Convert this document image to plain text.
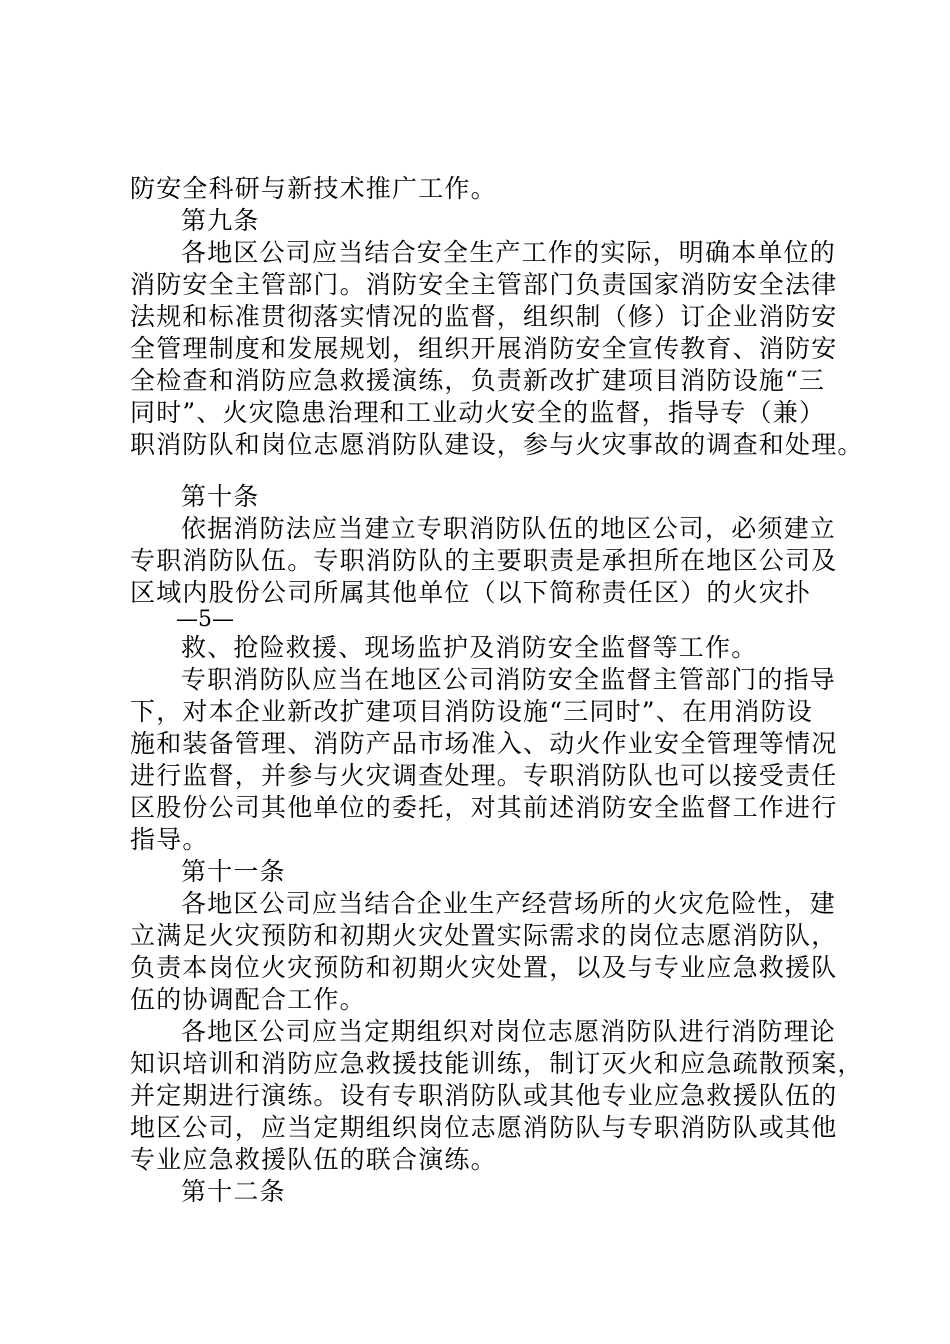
防安全科研与新技术推广工作。
第九条
各地区公司应当结合安全生产工作的实际，明确本单位的
消防安全主管部门。消防安全主管部门负责国家消防安全法律
法规和标准贯彻落实情况的监督，组织制（修）订企业消防安
全管理制度和发展规划，组织开展消防安全宣传教育、消防安
全检查和消防应急救援演练，负责新改扩建项目消防设施“三
同时”、火灾隐患治理和工业动火安全的监督，指导专（兼）
职消防队和岗位志愿消防队建设，参与火灾事故的调查和处理。
第十条
依据消防法应当建立专职消防队伍的地区公司，必须建立
专职消防队伍。专职消防队的主要职责是承担所在地区公司及
区域内股份公司所属其他单位（以下简称责任区）的火灾扑
—5—
救、抢险救援、现场监护及消防安全监督等工作。
专职消防队应当在地区公司消防安全监督主管部门的指导
下，对本企业新改扩建项目消防设施“三同时”、在用消防设
施和装备管理、消防产品市场准入、动火作业安全管理等情况
进行监督，并参与火灾调查处理。专职消防队也可以接受责任
区股份公司其他单位的委托，对其前述消防安全监督工作进行
指导。
第十一条
各地区公司应当结合企业生产经营场所的火灾危险性，建
立满足火灾预防和初期火灾处置实际需求的岗位志愿消防队，
负责本岗位火灾预防和初期火灾处置，以及与专业应急救援队
伍的协调配合工作。
各地区公司应当定期组织对岗位志愿消防队进行消防理论
知识培训和消防应急救援技能训练，制订灭火和应急疏散预案，
并定期进行演练。设有专职消防队或其他专业应急救援队伍的
地区公司，应当定期组织岗位志愿消防队与专职消防队或其他
专业应急救援队伍的联合演练。
第十二条
